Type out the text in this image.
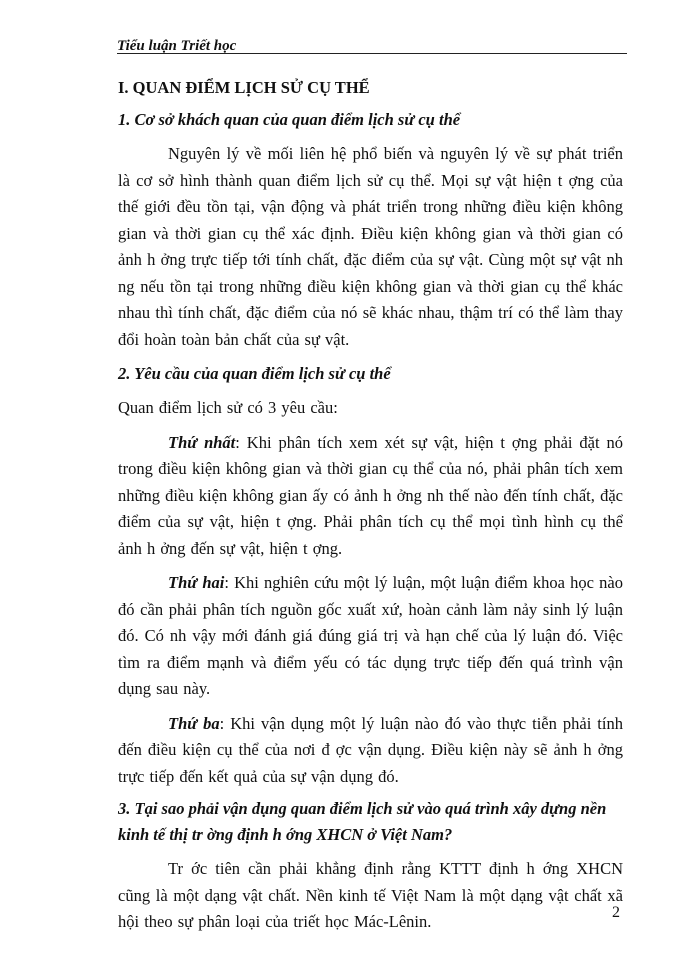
Tiểu luận Triết học
I. QUAN ĐIỂM LỊCH SỬ CỤ THỂ
1. Cơ sở khách quan của quan điểm lịch sử cụ thể

Nguyên lý về mối liên hệ phổ biến và nguyên lý về sự phát triển là cơ sở hình thành quan điểm lịch sử cụ thể. Mọi sự vật hiện t ợng của thế giới đều tồn tại, vận động và phát triển trong những điều kiện không gian và thời gian cụ thể xác định. Điều kiện không gian và thời gian có ảnh h ởng trực tiếp tới tính chất, đặc điểm của sự vật. Cùng một sự vật nh ng nếu tồn tại trong những điều kiện không gian và thời gian cụ thể khác nhau thì tính chất, đặc điểm của nó sẽ khác nhau, thậm trí có thể làm thay đổi hoàn toàn bản chất của sự vật.

2. Yêu cầu của quan điểm lịch sử cụ thể

Quan điểm lịch sử có 3 yêu cầu:

Thứ nhất: Khi phân tích xem xét sự vật, hiện t ợng phải đặt nó trong điều kiện không gian và thời gian cụ thể của nó, phải phân tích xem những điều kiện không gian ấy có ảnh h ởng nh thế nào đến tính chất, đặc điểm của sự vật, hiện t ợng. Phải phân tích cụ thể mọi tình hình cụ thể ảnh h ởng đến sự vật, hiện t ợng.

Thứ hai: Khi nghiên cứu một lý luận, một luận điểm khoa học nào đó cần phải phân tích nguồn gốc xuất xứ, hoàn cảnh làm nảy sinh lý luận đó. Có nh vậy mới đánh giá đúng giá trị và hạn chế của lý luận đó. Việc tìm ra điểm mạnh và điểm yếu có tác dụng trực tiếp đến quá trình vận dụng sau này.

Thứ ba: Khi vận dụng một lý luận nào đó vào thực tiễn phải tính đến điều kiện cụ thể của nơi đ ợc vận dụng. Điều kiện này sẽ ảnh h ởng trực tiếp đến kết quả của sự vận dụng đó.

3. Tại sao phải vận dụng quan điểm lịch sử vào quá trình xây dựng nền kinh tế thị tr ờng định h ớng XHCN ở Việt Nam?

Tr ớc tiên cần phải khẳng định rằng KTTT định h ớng XHCN cũng là một dạng vật chất. Nền kinh tế Việt Nam là một dạng vật chất xã hội theo sự phân loại của triết học Mác-Lênin.	2
